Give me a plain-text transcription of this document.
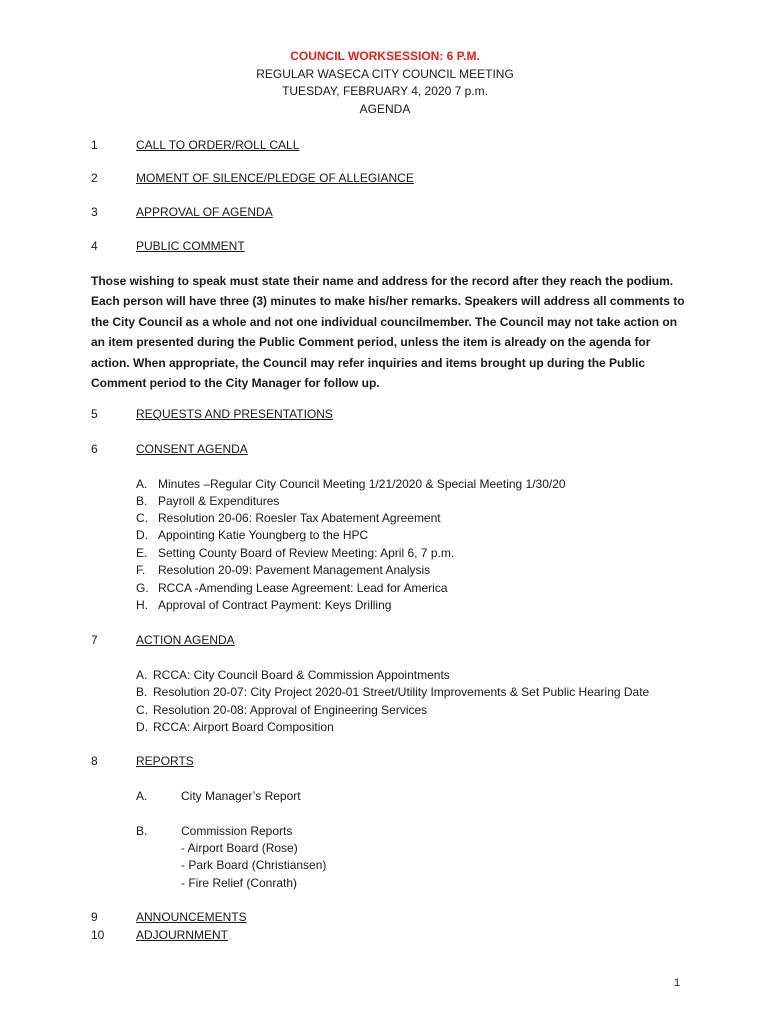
COUNCIL WORKSESSION: 6 P.M.
REGULAR WASECA CITY COUNCIL MEETING
TUESDAY, FEBRUARY 4, 2020 7 p.m.
AGENDA
1	CALL TO ORDER/ROLL CALL
2	MOMENT OF SILENCE/PLEDGE OF ALLEGIANCE
3	APPROVAL OF AGENDA
4	PUBLIC COMMENT
Those wishing to speak must state their name and address for the record after they reach the podium. Each person will have three (3) minutes to make his/her remarks. Speakers will address all comments to the City Council as a whole and not one individual councilmember. The Council may not take action on an item presented during the Public Comment period, unless the item is already on the agenda for action. When appropriate, the Council may refer inquiries and items brought up during the Public Comment period to the City Manager for follow up.
5	REQUESTS AND PRESENTATIONS
6	CONSENT AGENDA
A. Minutes –Regular City Council Meeting 1/21/2020 & Special Meeting 1/30/20
B. Payroll & Expenditures
C. Resolution 20-06: Roesler Tax Abatement Agreement
D. Appointing Katie Youngberg to the HPC
E. Setting County Board of Review Meeting: April 6, 7 p.m.
F. Resolution 20-09: Pavement Management Analysis
G. RCCA -Amending Lease Agreement: Lead for America
H. Approval of Contract Payment: Keys Drilling
7	ACTION AGENDA
A. RCCA: City Council Board & Commission Appointments
B. Resolution 20-07: City Project 2020-01 Street/Utility Improvements & Set Public Hearing Date
C. Resolution 20-08: Approval of Engineering Services
D. RCCA: Airport Board Composition
8	REPORTS
A.	City Manager’s Report
B.	Commission Reports
- Airport Board (Rose)
- Park Board (Christiansen)
- Fire Relief (Conrath)
9	ANNOUNCEMENTS
10	ADJOURNMENT
1
